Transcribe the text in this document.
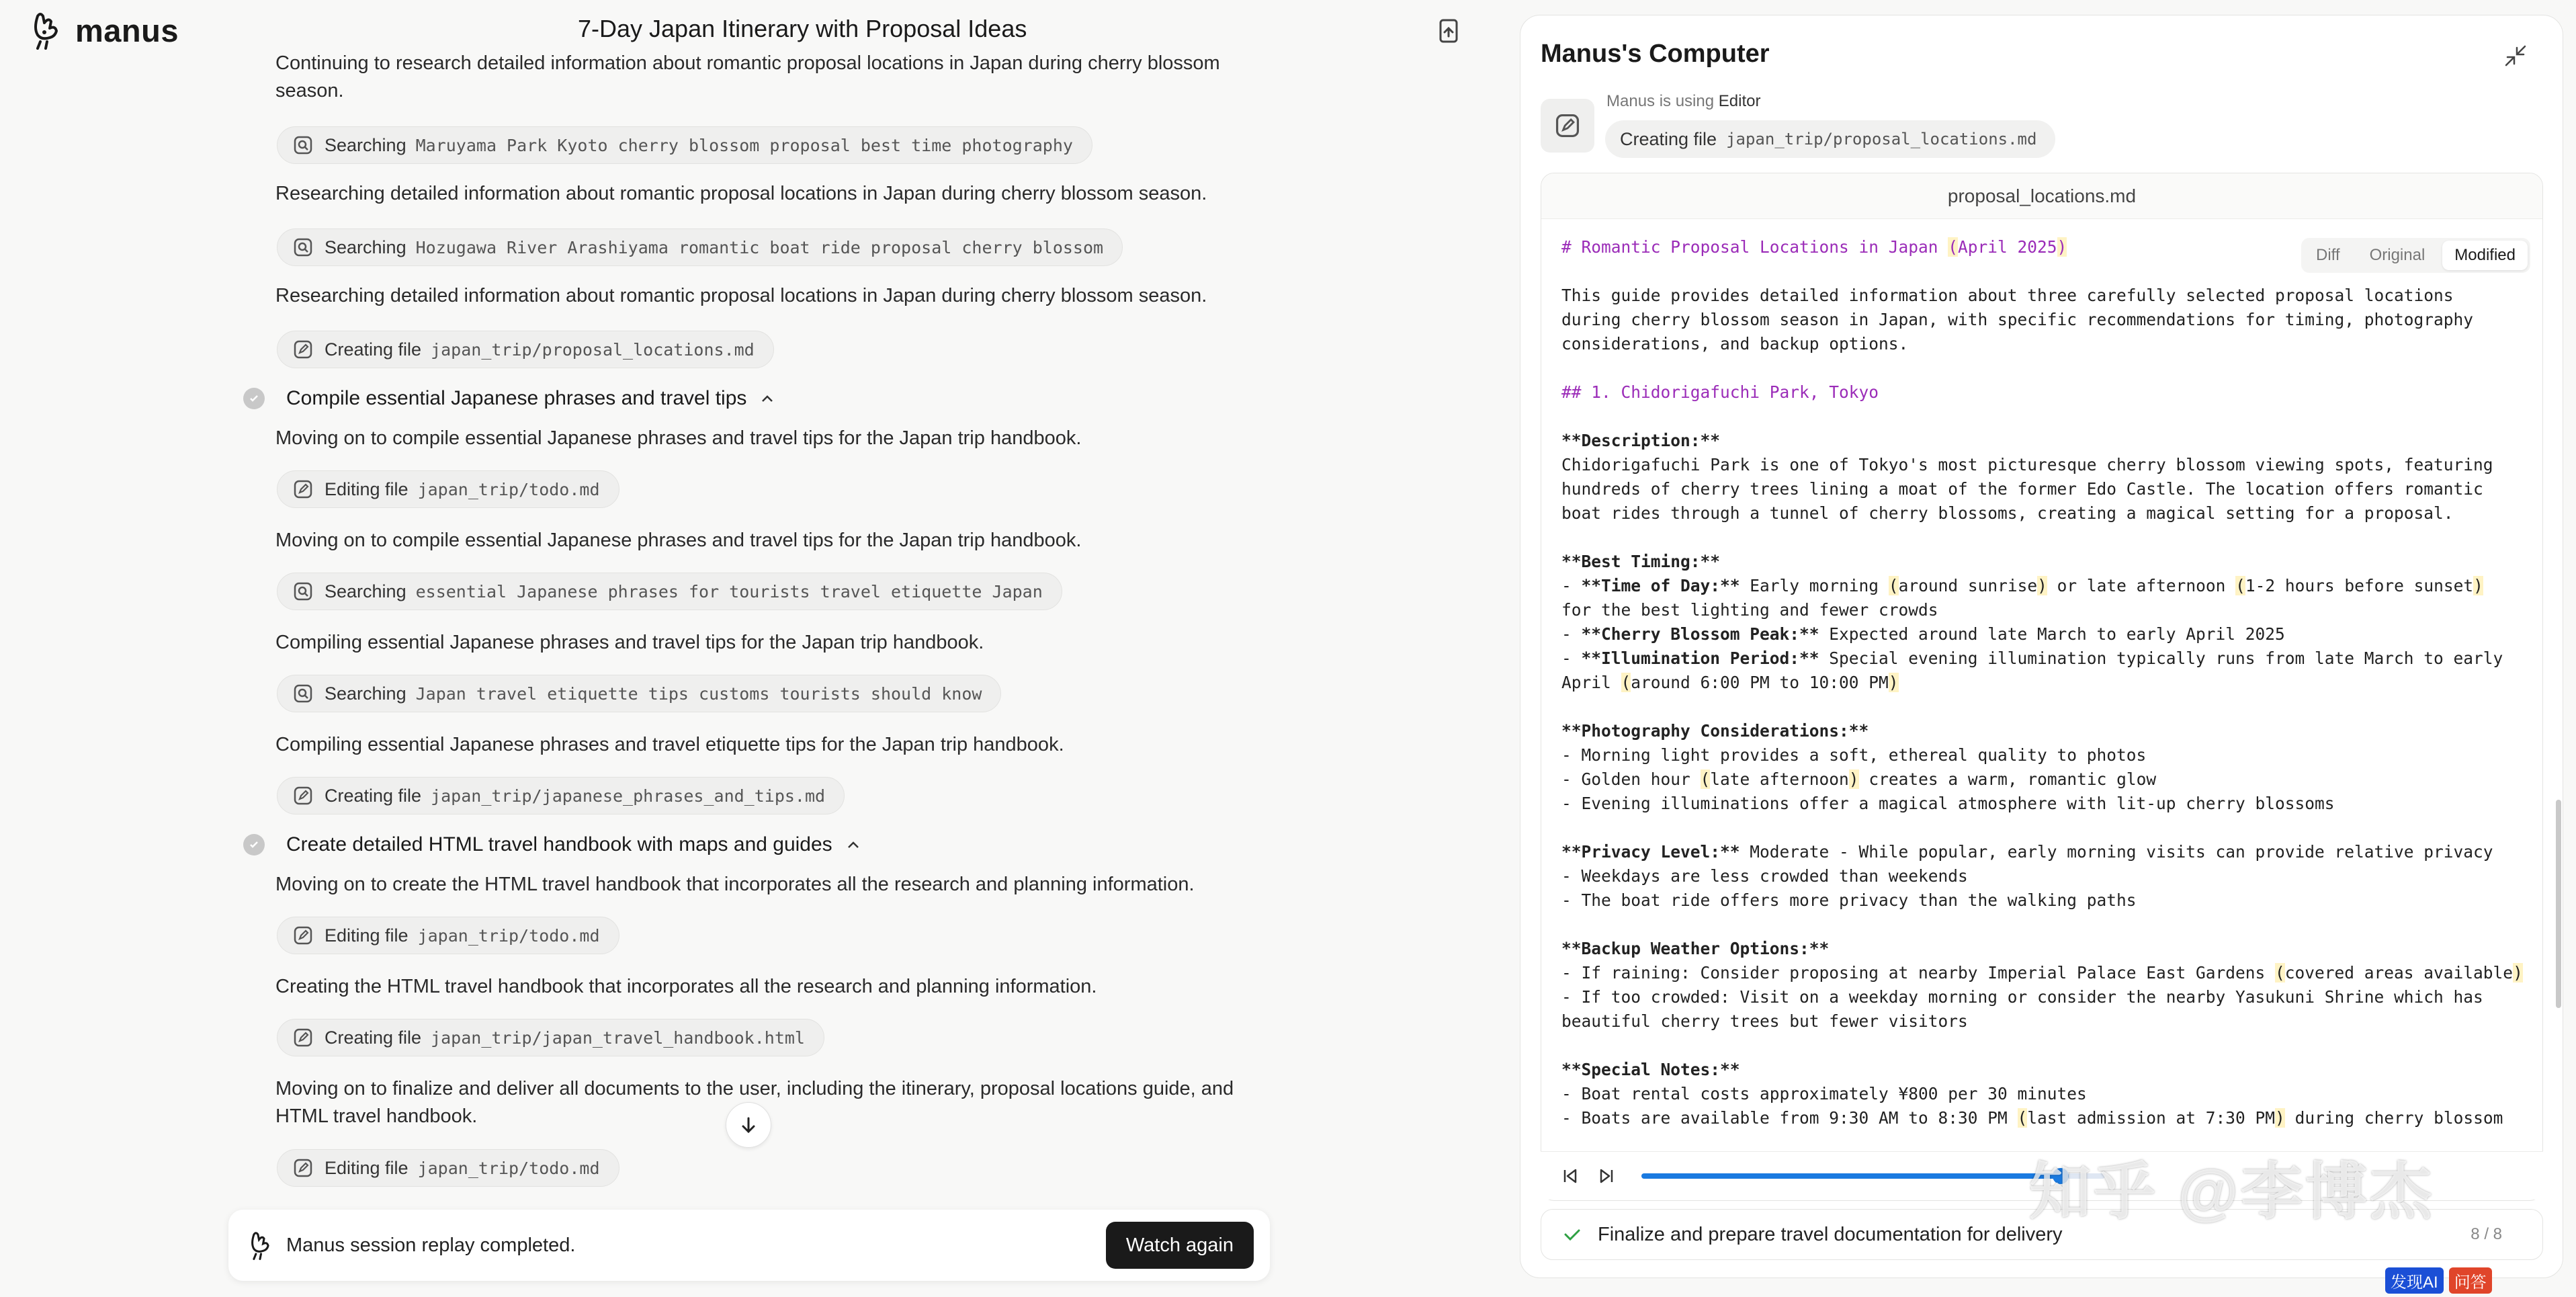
manus	7-Day Japan Itinerary with Proposal Ideas
Continuing to research detailed information about romantic proposal locations in Japan during cherry blossom
season.
Searching Maruyama Park Kyoto cherry blossom proposal best time photography
Researching detailed information about romantic proposal locations in Japan during cherry blossom season.
Searching Hozugawa River Arashiyama romantic boat ride proposal cherry blossom
Researching detailed information about romantic proposal locations in Japan during cherry blossom season.
Creating file japan_trip/proposal_locations.md
Compile essential Japanese phrases and travel tips
Moving on to compile essential Japanese phrases and travel tips for the Japan trip handbook.
Editing file japan_trip/todo.md
Moving on to compile essential Japanese phrases and travel tips for the Japan trip handbook.
Searching essential Japanese phrases for tourists travel etiquette Japan
Compiling essential Japanese phrases and travel tips for the Japan trip handbook.
Searching Japan travel etiquette tips customs tourists should know
Compiling essential Japanese phrases and travel etiquette tips for the Japan trip handbook.
Creating file japan_trip/japanese_phrases_and_tips.md
Create detailed HTML travel handbook with maps and guides
Moving on to create the HTML travel handbook that incorporates all the research and planning information.
Editing file japan_trip/todo.md
Creating the HTML travel handbook that incorporates all the research and planning information.
Creating file japan_trip/japan_travel_handbook.html
Moving on to finalize and deliver all documents to the user, including the itinerary, proposal locations guide, and
HTML travel handbook.
Editing file japan_trip/todo.md
Manus session replay completed.	Watch again
Manus's Computer
Manus is using Editor
Creating file japan_trip/proposal_locations.md
proposal_locations.md
Diff	Original	Modified
# Romantic Proposal Locations in Japan (April 2025)

This guide provides detailed information about three carefully selected proposal locations
during cherry blossom season in Japan, with specific recommendations for timing, photography
considerations, and backup options.

## 1. Chidorigafuchi Park, Tokyo

**Description:**
Chidorigafuchi Park is one of Tokyo's most picturesque cherry blossom viewing spots, featuring
hundreds of cherry trees lining a moat of the former Edo Castle. The location offers romantic
boat rides through a tunnel of cherry blossoms, creating a magical setting for a proposal.

**Best Timing:**
- **Time of Day:** Early morning (around sunrise) or late afternoon (1-2 hours before sunset)
for the best lighting and fewer crowds
- **Cherry Blossom Peak:** Expected around late March to early April 2025
- **Illumination Period:** Special evening illumination typically runs from late March to early
April (around 6:00 PM to 10:00 PM)

**Photography Considerations:**
- Morning light provides a soft, ethereal quality to photos
- Golden hour (late afternoon) creates a warm, romantic glow
- Evening illuminations offer a magical atmosphere with lit-up cherry blossoms

**Privacy Level:** Moderate - While popular, early morning visits can provide relative privacy
- Weekdays are less crowded than weekends
- The boat ride offers more privacy than the walking paths

**Backup Weather Options:**
- If raining: Consider proposing at nearby Imperial Palace East Gardens (covered areas available)
- If too crowded: Visit on a weekday morning or consider the nearby Yasukuni Shrine which has
beautiful cherry trees but fewer visitors

**Special Notes:**
- Boat rental costs approximately ¥800 per 30 minutes
- Boats are available from 9:30 AM to 8:30 PM (last admission at 7:30 PM) during cherry blossom
Finalize and prepare travel documentation for delivery	8 / 8
知乎 @李博杰
发现AI	问答
